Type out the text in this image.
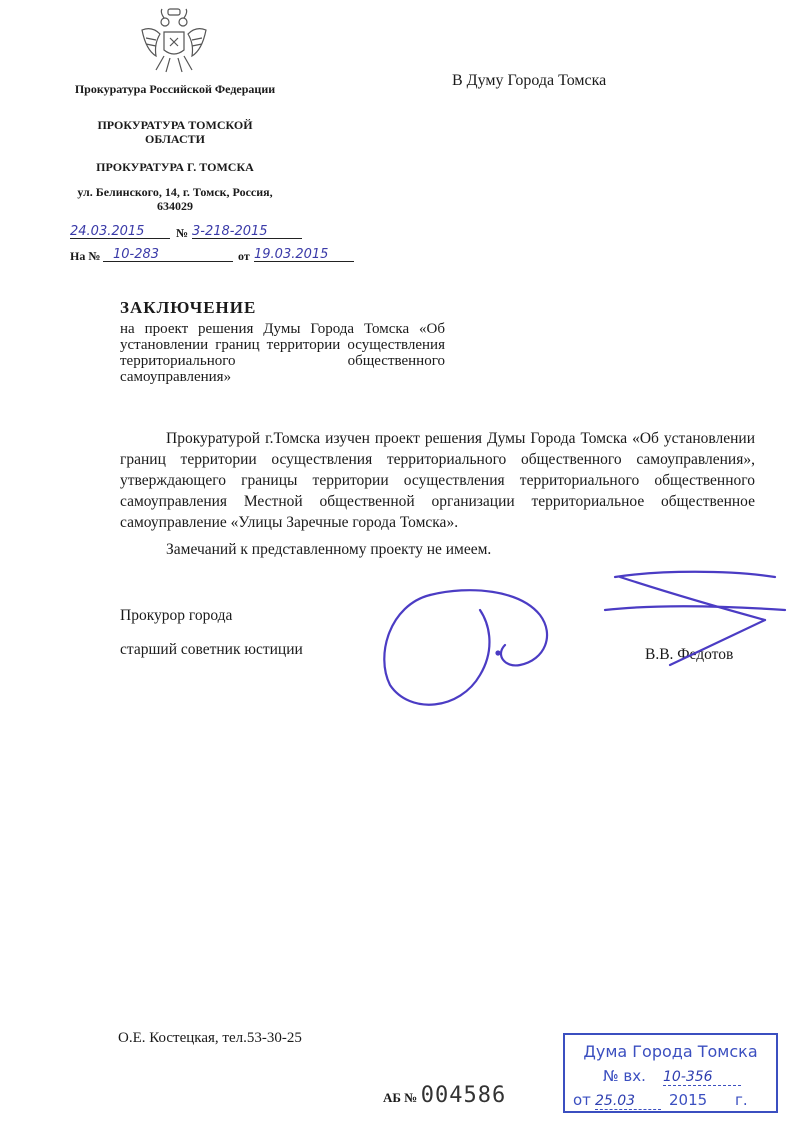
Прокуратура Российской Федерации
ПРОКУРАТУРА ТОМСКОЙ ОБЛАСТИ
ПРОКУРАТУРА Г. ТОМСКА
ул. Белинского, 14, г. Томск, Россия, 634029
24.03.2015	№ 3-218-2015
На № 10-283	от 19.03.2015
В Думу Города Томска
ЗАКЛЮЧЕНИЕ
на проект решения Думы Города Томска «Об установлении границ территории осуществления территориального общественного самоуправления»

Прокуратурой г.Томска изучен проект решения Думы Города Томска «Об установлении границ территории осуществления территориального общественного самоуправления», утверждающего границы территории осуществления территориального общественного самоуправления Местной общественной организации территориальное общественное самоуправление «Улицы Заречные города Томска».

Замечаний к представленному проекту не имеем.

Прокурор города
старший советник юстиции	В.В. Федотов
О.Е. Костецкая, тел.53-30-25
АБ № 004586
Дума Города Томска
№ вх. 10-356
от 25.03	2015 г.
